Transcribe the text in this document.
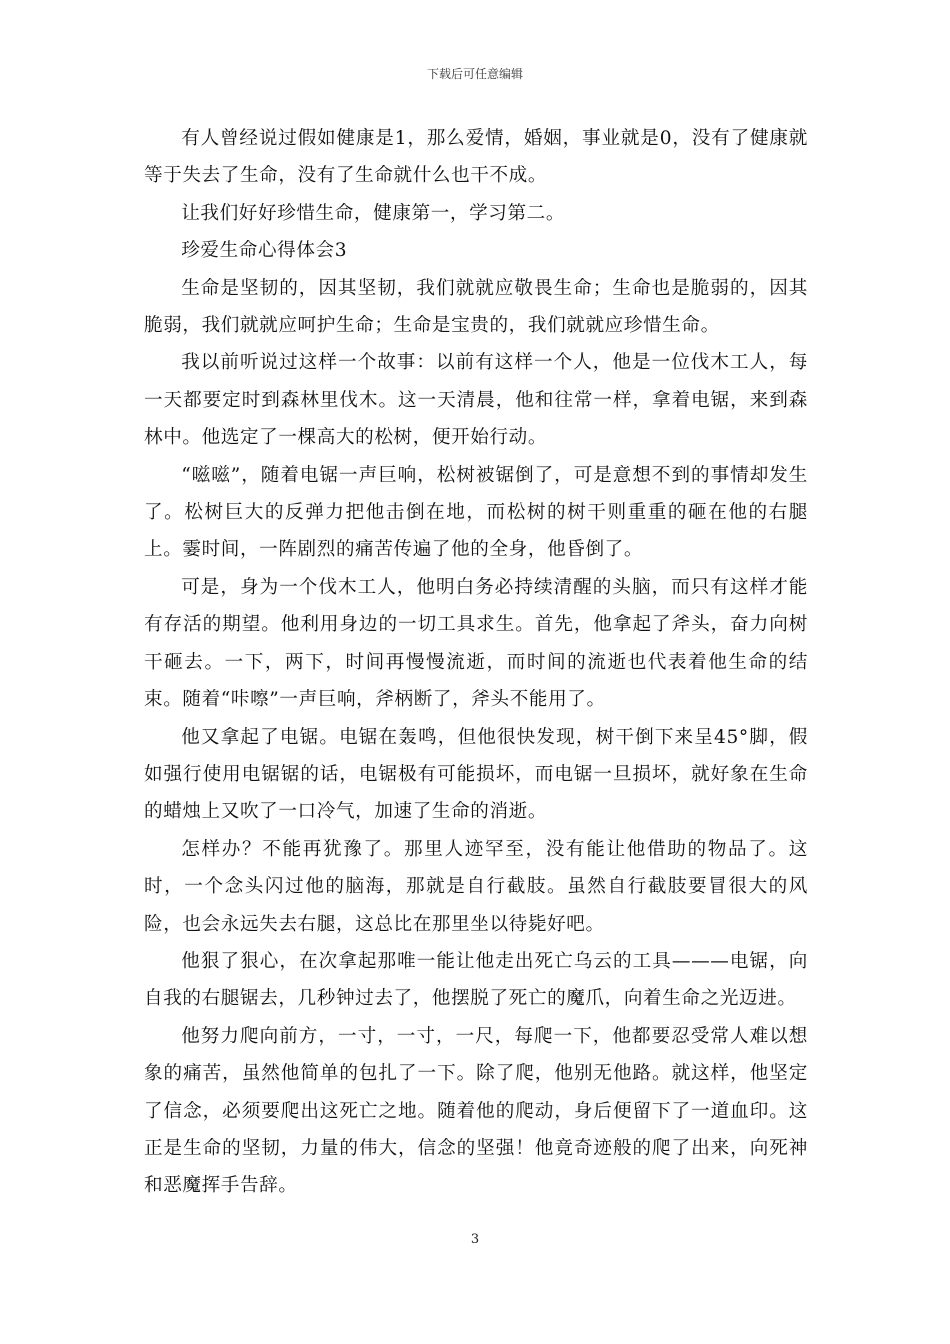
下载后可任意编辑

有人曾经说过假如健康是1，那么爱情，婚姻，事业就是0，没有了健康就等于失去了生命，没有了生命就什么也干不成。

让我们好好珍惜生命，健康第一，学习第二。

珍爱生命心得体会3

生命是坚韧的，因其坚韧，我们就就应敬畏生命；生命也是脆弱的，因其脆弱，我们就就应呵护生命；生命是宝贵的，我们就就应珍惜生命。

我以前听说过这样一个故事：以前有这样一个人，他是一位伐木工人，每一天都要定时到森林里伐木。这一天清晨，他和往常一样，拿着电锯，来到森林中。他选定了一棵高大的松树，便开始行动。

“嗞嗞”，随着电锯一声巨响，松树被锯倒了，可是意想不到的事情却发生了。松树巨大的反弹力把他击倒在地，而松树的树干则重重的砸在他的右腿上。霎时间，一阵剧烈的痛苦传遍了他的全身，他昏倒了。

可是，身为一个伐木工人，他明白务必持续清醒的头脑，而只有这样才能有存活的期望。他利用身边的一切工具求生。首先，他拿起了斧头，奋力向树干砸去。一下，两下，时间再慢慢流逝，而时间的流逝也代表着他生命的结束。随着“咔嚓”一声巨响，斧柄断了，斧头不能用了。

他又拿起了电锯。电锯在轰鸣，但他很快发现，树干倒下来呈45°脚，假如强行使用电锯锯的话，电锯极有可能损坏，而电锯一旦损坏，就好象在生命的蜡烛上又吹了一口冷气，加速了生命的消逝。

怎样办？不能再犹豫了。那里人迹罕至，没有能让他借助的物品了。这时，一个念头闪过他的脑海，那就是自行截肢。虽然自行截肢要冒很大的风险，也会永远失去右腿，这总比在那里坐以待毙好吧。

他狠了狠心，在次拿起那唯一能让他走出死亡乌云的工具———电锯，向自我的右腿锯去，几秒钟过去了，他摆脱了死亡的魔爪，向着生命之光迈进。

他努力爬向前方，一寸，一寸，一尺，每爬一下，他都要忍受常人难以想象的痛苦，虽然他简单的包扎了一下。除了爬，他别无他路。就这样，他坚定了信念，必须要爬出这死亡之地。随着他的爬动，身后便留下了一道血印。这正是生命的坚韧，力量的伟大，信念的坚强！他竟奇迹般的爬了出来，向死神和恶魔挥手告辞。

3
